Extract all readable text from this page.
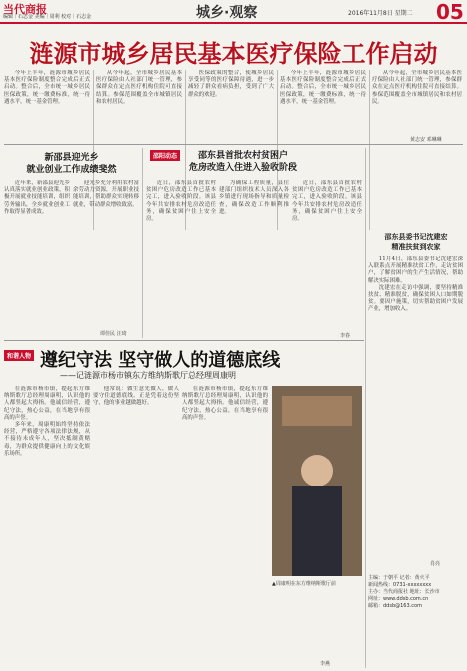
当代商报
编辑｜石志金 美编｜周利 校对｜石志金	城乡·观察	2016年11月8日 星期二 05
涟源市城乡居民基本医疗保险工作启动

今年上半年，涟源市城乡居民基本医疗保险制度整合完成后正式启动。整合后，全市统一城乡居民医保政策，统一缴费标准，统一待遇水平，统一基金管理。

从今年起，全市城乡居民基本医疗保险由人社部门统一管理，参保群众在定点医疗机构住院可直接结算。参保范围覆盖全市城镇居民和农村居民。

医保政策的整合，使城乡居民享受同等的医疗保障待遇，进一步减轻了群众看病负担，受到了广大群众的欢迎。

今年上半年，涟源市城乡居民基本医疗保险制度整合完成后正式启动。整合后，全市统一城乡居民医保政策，统一缴费标准，统一待遇水平，统一基金管理。

从今年起，全市城乡居民基本医疗保险由人社部门统一管理，参保群众在定点医疗机构住院可直接结算。参保范围覆盖全市城镇居民和农村居民。

黄志安 邓琳琳
邵阳动态
新邵县迎光乡
就业创业工作成绩斐然

近年来，新邵县迎光乡认真落实就业创业政策，积极开展就业技能培训，组织劳务输出，全乡就业创业工作取得显著成效。

迎光乡充分利用农村富余劳动力资源，开展职业技能培训，帮助群众实现转移就业，带动群众增收致富。

谭佳民 汪琦
邵东县首批农村贫困户
危房改造入住进入验收阶段

近日，邵东县首批农村贫困户危房改造工作已基本完工，进入验收阶段。该县今年共安排农村危房改造任务，确保贫困户住上安全房。

为确保工程质量，县住建部门组织技术人员深入各乡镇进行现场指导和质量检查，确保改造工作顺利推进。

近日，邵东县首批农村贫困户危房改造工作已基本完工，进入验收阶段。该县今年共安排农村危房改造任务，确保贫困户住上安全房。

李春
邵东县委书记沈建宏
精准扶贫到农家

11月4日，邵东县委书记沈建宏深入联系点开展精准扶贫工作，走访贫困户，了解贫困户的生产生活情况，帮助解决实际困难。

沈建宏在走访中强调，要坚持精准扶贫、精准脱贫，确保贫困人口如期脱贫。要因户施策，切实帮助贫困户发展产业，增加收入。

肖亮
和谐人物 遵纪守法 坚守做人的道德底线
——记涟源市杨市镇东方维纳斯歌厅总经理周康明

在涟源市杨市镇，提起东方维纳斯歌厅总经理周康明，认识他的人都竖起大拇指。他诚信经营，遵纪守法，热心公益，在当地享有很高的声誉。

多年来，周康明始终坚持依法经营，严格遵守各项法律法规，从不接待未成年人，坚决抵制黄赌毒，为群众提供健康向上的文化娱乐场所。

他常说：做生意先做人，做人要守住道德底线。正是凭着这份坚守，他的事业越做越好。

在涟源市杨市镇，提起东方维纳斯歌厅总经理周康明，认识他的人都竖起大拇指。他诚信经营，遵纪守法，热心公益，在当地享有很高的声誉。

▲周康明在东方维纳斯歌厅前
李燕
主编：于朝平 记者：黄火平
新闻热线：0731-xxxxxxxx
主办：当代商报社 地址：长沙市
网址：www.ddsb.com.cn
邮箱：ddsb@163.com
